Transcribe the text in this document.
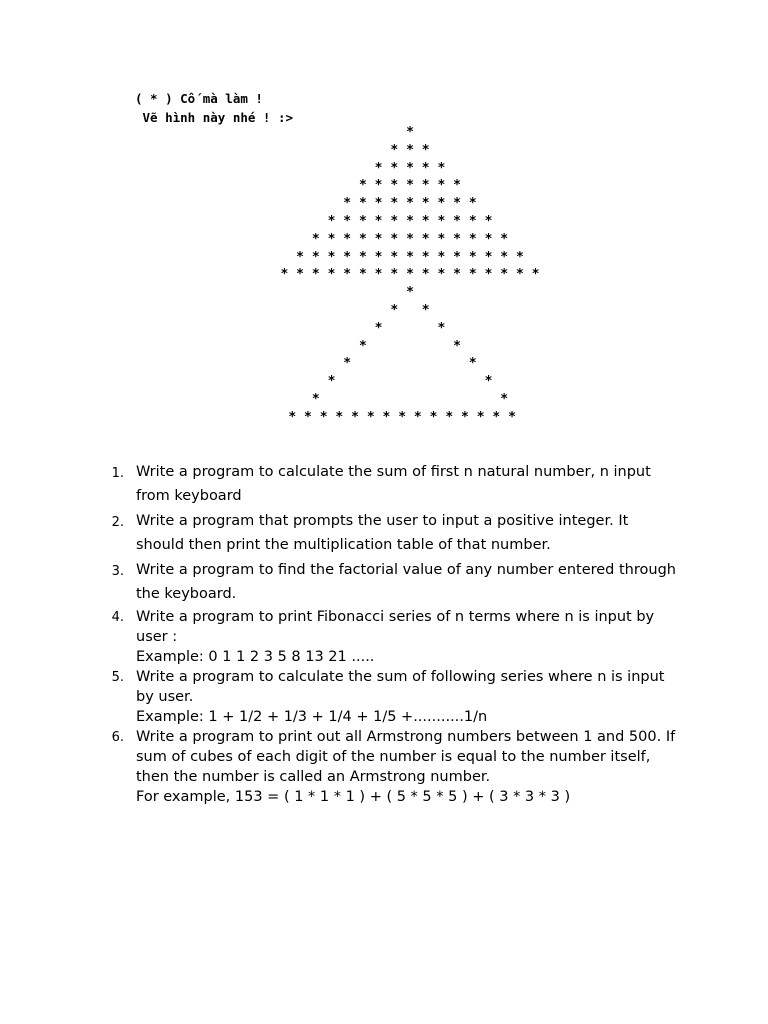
( * ) Cố mà làm !
Vẽ hình này nhé ! :>
*
* * *
* * * * *
* * * * * * *
* * * * * * * * *
* * * * * * * * * * *
* * * * * * * * * * * * *
* * * * * * * * * * * * * * *
* * * * * * * * * * * * * * * * *
*
* *
*	*
*	*
*	*
*	*
*	*
* * * * * * * * * * * * * * *
1. Write a program to calculate the sum of first n natural number, n input
from keyboard
2. Write a program that prompts the user to input a positive integer. It
should then print the multiplication table of that number.
3. Write a program to find the factorial value of any number entered through
the keyboard.
4. Write a program to print Fibonacci series of n terms where n is input by
user :
Example: 0 1 1 2 3 5 8 13 21 .....
5. Write a program to calculate the sum of following series where n is input
by user.
Example: 1 + 1/2 + 1/3 + 1/4 + 1/5 +...........1/n
6. Write a program to print out all Armstrong numbers between 1 and 500. If
sum of cubes of each digit of the number is equal to the number itself,
then the number is called an Armstrong number.
For example, 153 = ( 1 * 1 * 1 ) + ( 5 * 5 * 5 ) + ( 3 * 3 * 3 )
